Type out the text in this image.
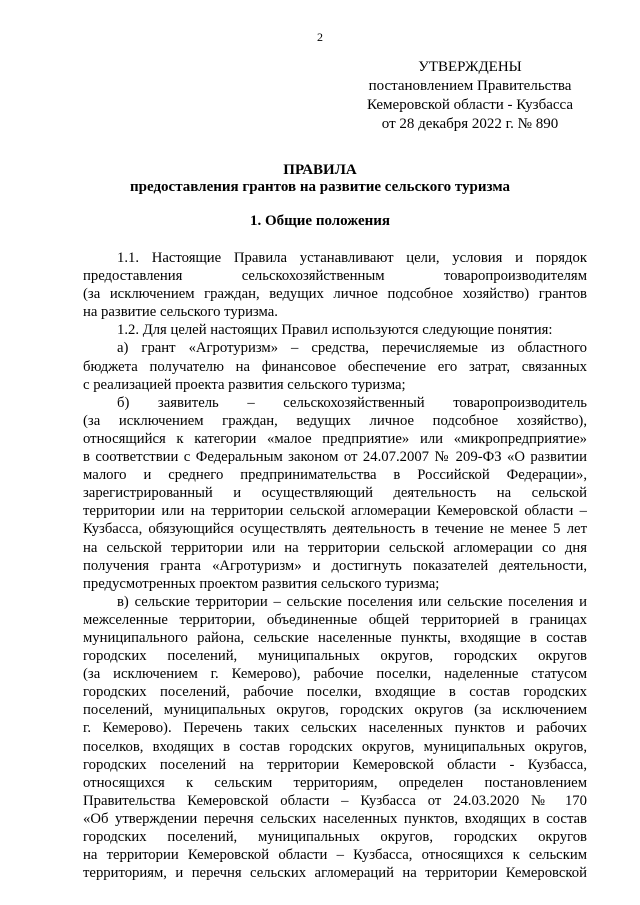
2
УТВЕРЖДЕНЫ
постановлением Правительства
Кемеровской области - Кузбасса
от 28 декабря 2022 г. № 890
ПРАВИЛА
предоставления грантов на развитие сельского туризма
1. Общие положения
1.1. Настоящие Правила устанавливают цели, условия и порядок
предоставления сельскохозяйственным товаропроизводителям
(за исключением граждан, ведущих личное подсобное хозяйство) грантов
на развитие сельского туризма.
1.2. Для целей настоящих Правил используются следующие понятия:
а) грант «Агротуризм» – средства, перечисляемые из областного
бюджета получателю на финансовое обеспечение его затрат, связанных
с реализацией проекта развития сельского туризма;
б) заявитель – сельскохозяйственный товаропроизводитель
(за исключением граждан, ведущих личное подсобное хозяйство),
относящийся к категории «малое предприятие» или «микропредприятие»
в соответствии с Федеральным законом от 24.07.2007 № 209-ФЗ «О развитии
малого и среднего предпринимательства в Российской Федерации»,
зарегистрированный и осуществляющий деятельность на сельской
территории или на территории сельской агломерации Кемеровской области –
Кузбасса, обязующийся осуществлять деятельность в течение не менее 5 лет
на сельской территории или на территории сельской агломерации со дня
получения гранта «Агротуризм» и достигнуть показателей деятельности,
предусмотренных проектом развития сельского туризма;
в) сельские территории – сельские поселения или сельские поселения и
межселенные территории, объединенные общей территорией в границах
муниципального района, сельские населенные пункты, входящие в состав
городских поселений, муниципальных округов, городских округов
(за исключением г. Кемерово), рабочие поселки, наделенные статусом
городских поселений, рабочие поселки, входящие в состав городских
поселений, муниципальных округов, городских округов (за исключением
г. Кемерово). Перечень таких сельских населенных пунктов и рабочих
поселков, входящих в состав городских округов, муниципальных округов,
городских поселений на территории Кемеровской области - Кузбасса,
относящихся к сельским территориям, определен постановлением
Правительства Кемеровской области – Кузбасса от 24.03.2020 № 170
«Об утверждении перечня сельских населенных пунктов, входящих в состав
городских поселений, муниципальных округов, городских округов
на территории Кемеровской области – Кузбасса, относящихся к сельским
территориям, и перечня сельских агломераций на территории Кемеровской
